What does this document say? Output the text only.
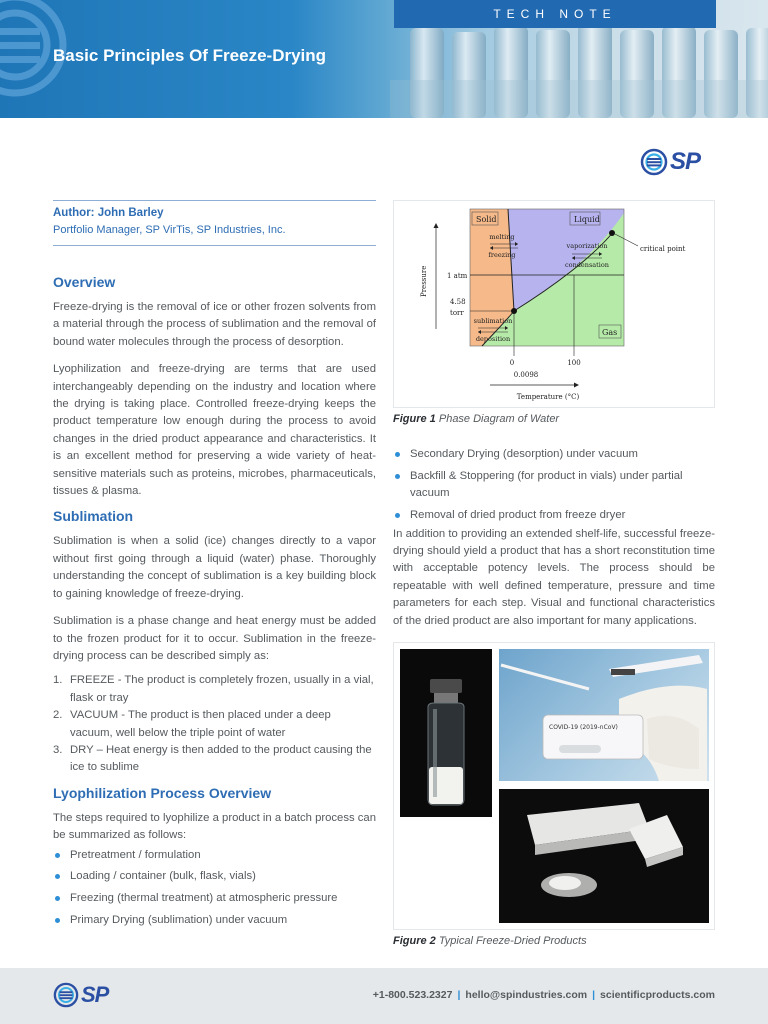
TECH NOTE
Basic Principles Of Freeze-Drying
SP
Author: John Barley
Portfolio Manager, SP VirTis, SP Industries, Inc.
Overview

Freeze-drying is the removal of ice or other frozen solvents from a material through the process of sublimation and the removal of bound water molecules through the process of desorption.

Lyophilization and freeze-drying are terms that are used interchangeably depending on the industry and location where the drying is taking place. Controlled freeze-drying keeps the product temperature low enough during the process to avoid changes in the dried product appearance and characteristics. It is an excellent method for preserving a wide variety of heat-sensitive materials such as proteins, microbes, pharmaceuticals, tissues & plasma.

Sublimation

Sublimation is when a solid (ice) changes directly to a vapor without first going through a liquid (water) phase. Thoroughly understanding the concept of sublimation is a key building block to gaining knowledge of freeze-drying.

Sublimation is a phase change and heat energy must be added to the frozen product for it to occur. Sublimation in the freeze-drying process can be described simply as:

1. FREEZE - The product is completely frozen, usually in a vial, flask or tray
2. VACUUM - The product is then placed under a deep vacuum, well below the triple point of water
3. DRY – Heat energy is then added to the product causing the ice to sublime
Lyophilization Process Overview

The steps required to lyophilize a product in a batch process can be summarized as follows:

Pretreatment / formulation
Loading / container (bulk, flask, vials)
Freezing (thermal treatment) at atmospheric pressure
Primary Drying (sublimation) under vacuum
Solid	Liquid
Gas
melting
freezing
vaporization
condensation
sublimation
deposition
critical point
Pressure	1 atm
4.58
torr
0	100
0.0098
Temperature (°C)
Figure 1 Phase Diagram of Water
Secondary Drying (desorption) under vacuum
Backfill & Stoppering (for product in vials) under partial vacuum
Removal of dried product from freeze dryer

In addition to providing an extended shelf-life, successful freeze-drying should yield a product that has a short reconstitution time with acceptable potency levels. The process should be repeatable with well defined temperature, pressure and time parameters for each step. Visual and functional characteristics of the dried product are also important for many applications.

COVID-19 (2019-nCoV)
Figure 2 Typical Freeze-Dried Products
SP	+1-800.523.2327 | hello@spindustries.com | scientificproducts.com
